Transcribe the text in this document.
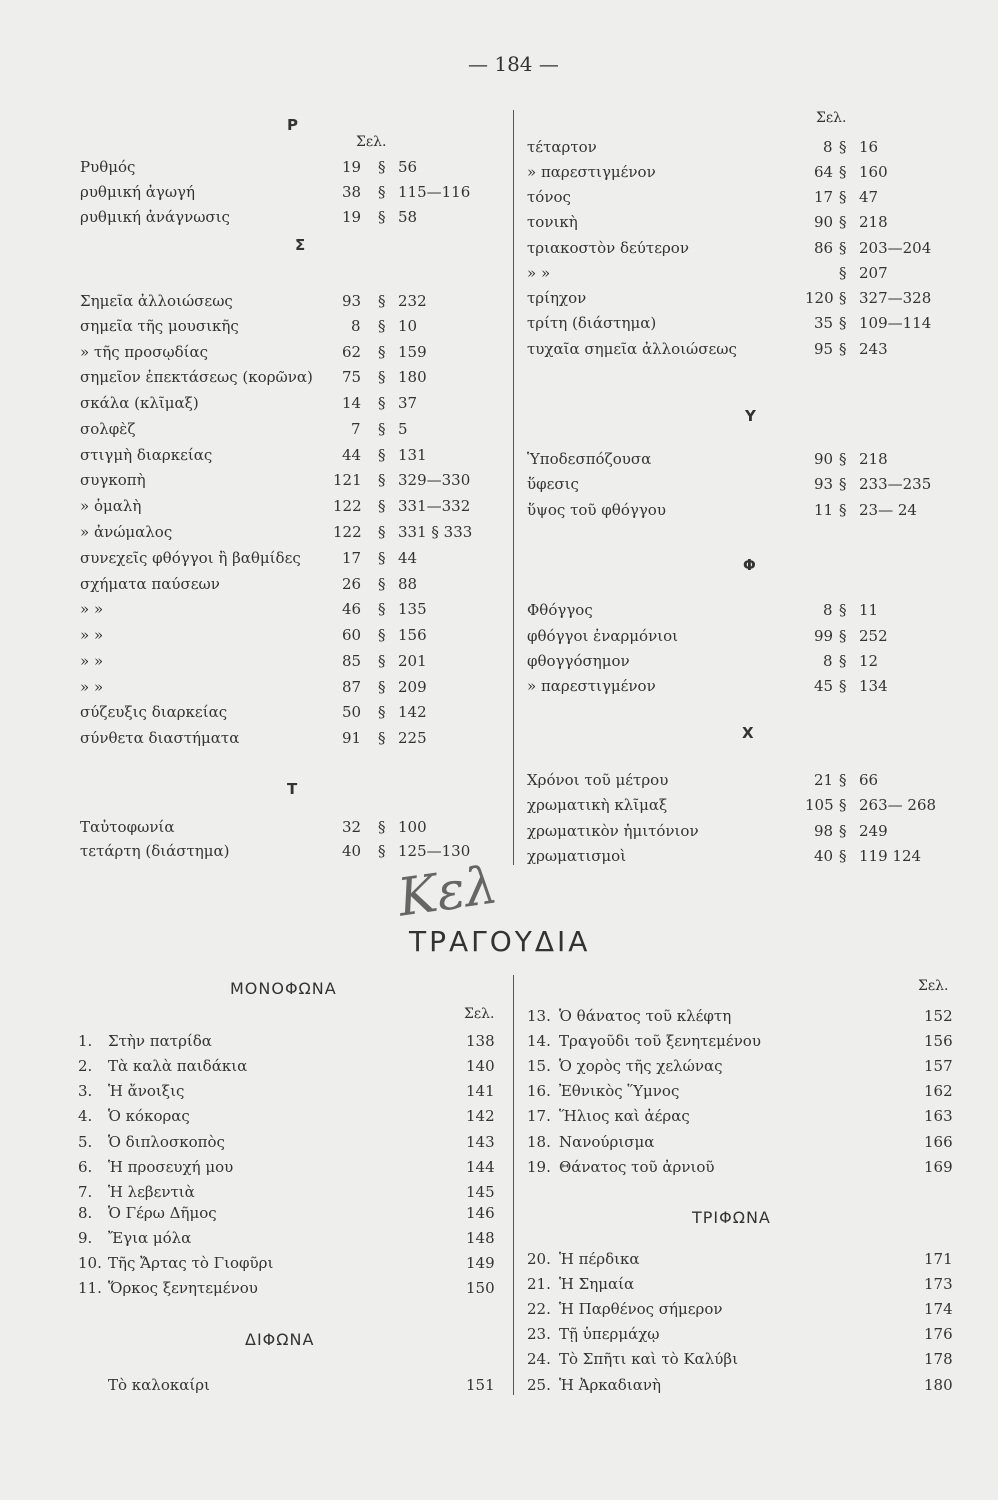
— 184 —
Ρ
Σελ.
Σ
Τ
Ρυθμός	19 § 56
ρυθμική ἀγωγή	38 § 115—116
ρυθμική ἀνάγνωσις	19 § 58
Σημεῖα ἀλλοιώσεως	93 § 232
σημεῖα τῆς μουσικῆς	8 § 10
» τῆς προσῳδίας	62 § 159
σημεῖον ἐπεκτάσεως (κορῶνα) 75 § 180
σκάλα (κλῖμαξ)	14 § 37
σολφὲζ	7 § 5
στιγμὴ διαρκείας	44 § 131
συγκοπὴ	121 § 329—330
» ὁμαλὴ	122 § 331—332
» ἀνώμαλος	122 § 331 § 333
συνεχεῖς φθόγγοι ἢ βαθμίδες	17 § 44
σχήματα παύσεων	26 § 88
» »	46 § 135
» »	60 § 156
» »	85 § 201
» »	87 § 209
σύζευξις διαρκείας	50 § 142
σύνθετα διαστήματα	91 § 225
Ταὐτοφωνία	32 § 100
τετάρτη (διάστημα)	40 § 125—130
Σελ.
Υ
Φ
Χ
τέταρτον	8 § 16
» παρεστιγμένον	64 § 160
τόνος	17 § 47
τονικὴ	90 § 218
τριακοστὸν δεύτερον	86 § 203—204
» »	§ 207
τρίηχον	120 § 327—328
τρίτη (διάστημα)	35 § 109—114
τυχαῖα σημεῖα ἀλλοιώσεως	95 § 243
Ὑποδεσπόζουσα	90 § 218
ὕφεσις	93 § 233—235
ὕψος τοῦ φθόγγου	11 § 23— 24
Φθόγγος	8 § 11
φθόγγοι ἐναρμόνιοι	99 § 252
φθογγόσημον	8 § 12
» παρεστιγμένον	45 § 134
Χρόνοι τοῦ μέτρου	21 § 66
χρωματικὴ κλῖμαξ	105 § 263— 268
χρωματικὸν ἡμιτόνιον	98 § 249
χρωματισμοὶ	40 § 119 124
Κελ
ΤΡΑΓΟΥΔΙΑ
ΜΟΝΟΦΩΝΑ
Σελ.
Σελ.
ΔΙΦΩΝΑ
ΤΡΙΦΩΝΑ
1. Στὴν πατρίδα	138
2. Τὰ καλὰ παιδάκια	140
3. Ἡ ἄνοιξις	141
4. Ὁ κόκορας	142
5. Ὁ διπλοσκοπὸς	143
6. Ἡ προσευχή μου	144
7. Ἡ λεβεντιὰ	145
8. Ὁ Γέρω Δῆμος	146
9. Ἔγια μόλα	148
10. Τῆς Ἄρτας τὸ Γιοφῦρι	149
11. Ὅρκος ξενητεμένου	150
Τὸ καλοκαίρι	151
13. Ὁ θάνατος τοῦ κλέφτη	152
14. Τραγοῦδι τοῦ ξενητεμένου	156
15. Ὁ χορὸς τῆς χελώνας	157
16. Ἐθνικὸς Ὕμνος	162
17. Ἥλιος καὶ ἀέρας	163
18. Νανούρισμα	166
19. Θάνατος τοῦ ἀρνιοῦ	169
20. Ἡ πέρδικα	171
21. Ἡ Σημαία	173
22. Ἡ Παρθένος σήμερον	174
23. Τῇ ὑπερμάχῳ	176
24. Τὸ Σπῆτι καὶ τὸ Καλύβι	178
25. Ἡ Ἀρκαδιανὴ	180
